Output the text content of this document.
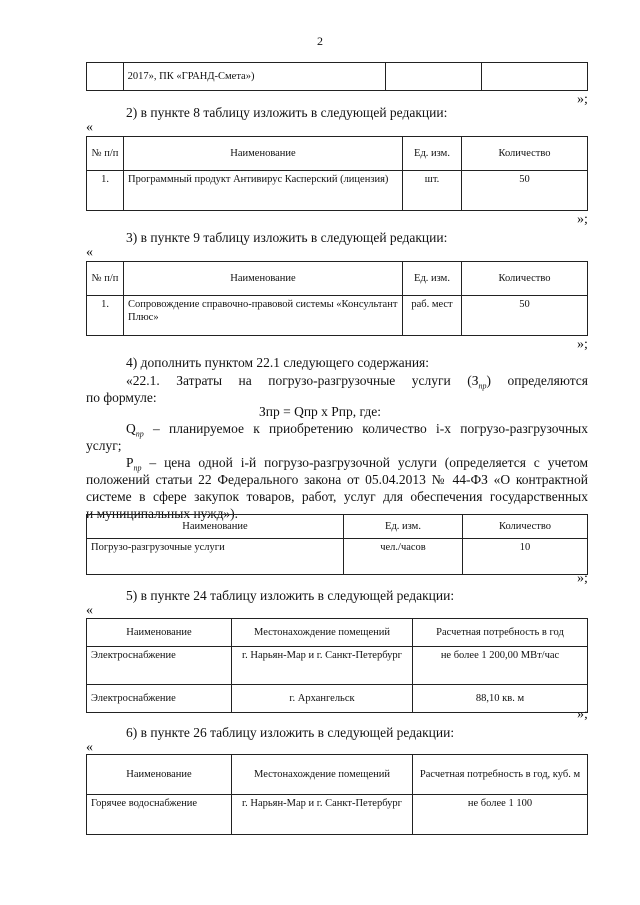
2
	2017», ПК «ГРАНД-Смета»)		
»;
2) в пункте 8 таблицу изложить в следующей редакции:
«
№ п/п	Наименование	Ед. изм.	Количество
1.	Программный продукт Антивирус Касперский (лицензия)	шт.	50
»;
3) в пункте 9 таблицу изложить в следующей редакции:
«
№ п/п	Наименование	Ед. изм.	Количество
1.	Сопровождение справочно-правовой системы «Консультант Плюс»	раб. мест	50
»;
4) дополнить пунктом 22.1 следующего содержания:
«22.1. Затраты на погрузо-разгрузочные услуги $(З_{пр})$ определяются
по формуле:
Зпр = Qпр х Рпр, где:
$Q_{пр}$ – планируемое к приобретению количество i-х погрузо-разгрузочных
услуг;
$Р_{пр}$ – цена одной i-й погрузо-разгрузочной услуги (определяется с учетом
положений статьи 22 Федерального закона от 05.04.2013 № 44-ФЗ «О контрактной
системе в сфере закупок товаров, работ, услуг для обеспечения государственных
и муниципальных нужд»).
Наименование	Ед. изм.	Количество
Погрузо-разгрузочные услуги	чел./часов	10
»;
5) в пункте 24 таблицу изложить в следующей редакции:
«
Наименование	Местонахождение помещений	Расчетная потребность в год
Электроснабжение	г. Нарьян-Мар и г. Санкт-Петербург	не более 1 200,00 МВт/час
Электроснабжение	г. Архангельск	88,10 кв. м
»;
6) в пункте 26 таблицу изложить в следующей редакции:
«
Наименование	Местонахождение помещений	Расчетная потребность в год, куб. м
Горячее водоснабжение	г. Нарьян-Мар и г. Санкт-Петербург	не более 1 100
